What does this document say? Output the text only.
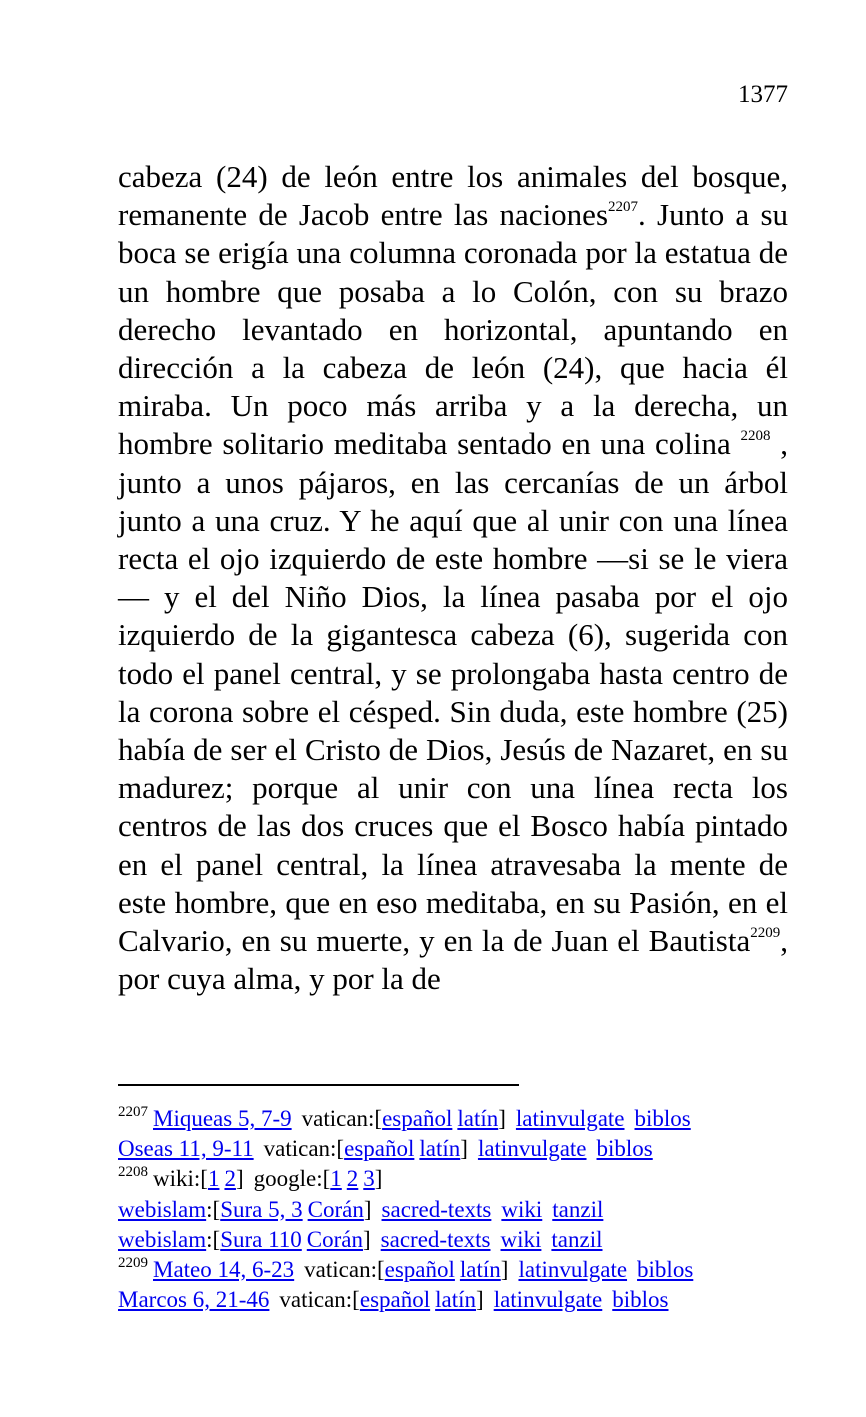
1377
cabeza (24) de león entre los animales del bosque, remanente de Jacob entre las naciones$^{2207}$. Junto a su boca se erigía una columna coronada por la estatua de un hombre que posaba a lo Colón, con su brazo derecho levantado en horizontal, apuntando en dirección a la cabeza de león (24), que hacia él miraba. Un poco más arriba y a la derecha, un hombre solitario meditaba sentado en una colina $^{2208}$ , junto a unos pájaros, en las cercanías de un árbol junto a una cruz. Y he aquí que al unir con una línea recta el ojo izquierdo de este hombre —si se le viera— y el del Niño Dios, la línea pasaba por el ojo izquierdo de la gigantesca cabeza (6), sugerida con todo el panel central, y se prolongaba hasta centro de la corona sobre el césped. Sin duda, este hombre (25) había de ser el Cristo de Dios, Jesús de Nazaret, en su madurez; porque al unir con una línea recta los centros de las dos cruces que el Bosco había pintado en el panel central, la línea atravesaba la mente de este hombre, que en eso meditaba, en su Pasión, en el Calvario, en su muerte, y en la de Juan el Bautista$^{2209}$, por cuya alma, y por la de
$^{2207}$ Miqueas 5, 7-9 vatican:[español latín] latinvulgate biblos
Oseas 11, 9-11 vatican:[español latín] latinvulgate biblos
$^{2208}$ wiki:[1 2] google:[1 2 3]
webislam:[Sura 5, 3 Corán] sacred-texts wiki tanzil
webislam:[Sura 110 Corán] sacred-texts wiki tanzil
$^{2209}$ Mateo 14, 6-23 vatican:[español latín] latinvulgate biblos
Marcos 6, 21-46 vatican:[español latín] latinvulgate biblos
